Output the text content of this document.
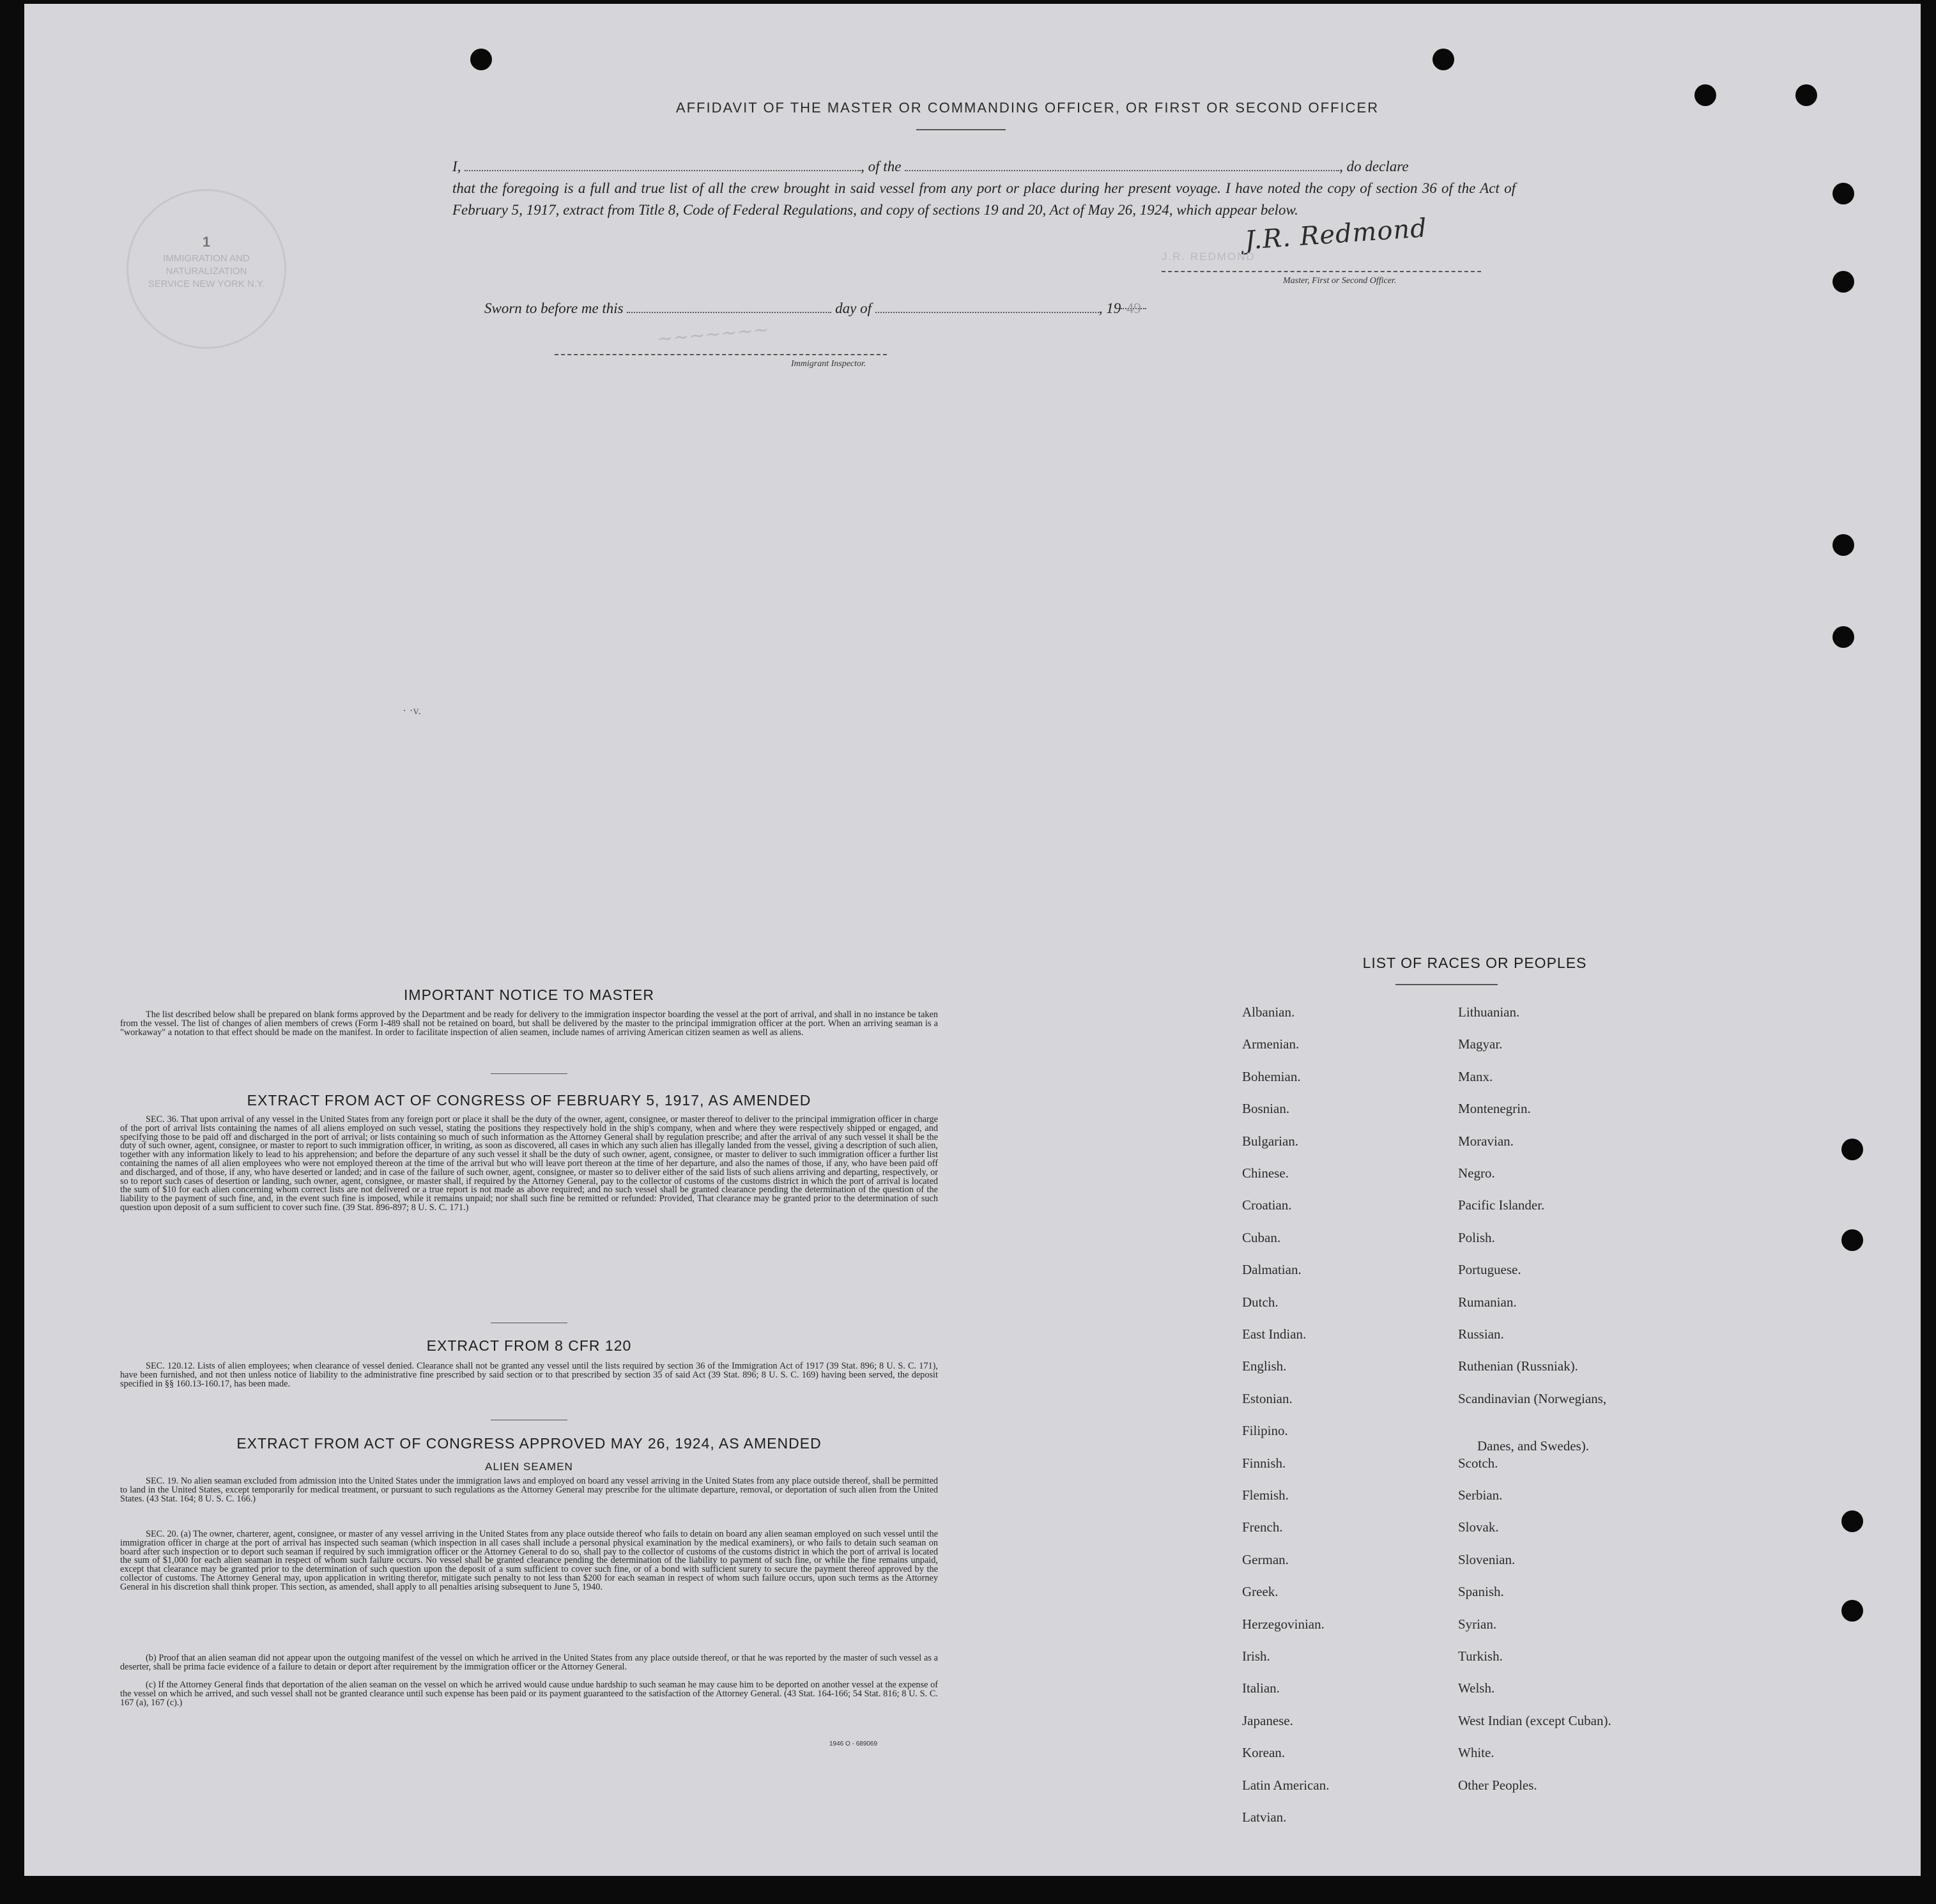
AFFIDAVIT OF THE MASTER OR COMMANDING OFFICER, OR FIRST OR SECOND OFFICER
I,	, of the	, do declare
that the foregoing is a full and true list of all the crew brought in said vessel from any port or place during her present voyage. I have noted the copy of section 36 of the Act of February 5, 1917, extract from Title 8, Code of Federal Regulations, and copy of sections 19 and 20, Act of May 26, 1924, which appear below.
J.R. Redmond
J.R. REDMOND
Master, First or Second Officer.
Sworn to before me this	day of	, 19 49
~~~~~~~
Immigrant Inspector.
1
IMMIGRATION AND NATURALIZATION SERVICE NEW YORK N.Y.
· ·v.
IMPORTANT NOTICE TO MASTER
The list described below shall be prepared on blank forms approved by the Department and be ready for delivery to the immigration inspector boarding the vessel at the port of arrival, and shall in no instance be taken from the vessel. The list of changes of alien members of crews (Form I-489 shall not be retained on board, but shall be delivered by the master to the principal immigration officer at the port. When an arriving seaman is a "workaway" a notation to that effect should be made on the manifest. In order to facilitate inspection of alien seamen, include names of arriving American citizen seamen as well as aliens.
EXTRACT FROM ACT OF CONGRESS OF FEBRUARY 5, 1917, AS AMENDED
SEC. 36. That upon arrival of any vessel in the United States from any foreign port or place it shall be the duty of the owner, agent, consignee, or master thereof to deliver to the principal immigration officer in charge of the port of arrival lists containing the names of all aliens employed on such vessel, stating the positions they respectively hold in the ship's company, when and where they were respectively shipped or engaged, and specifying those to be paid off and discharged in the port of arrival; or lists containing so much of such information as the Attorney General shall by regulation prescribe; and after the arrival of any such vessel it shall be the duty of such owner, agent, consignee, or master to report to such immigration officer, in writing, as soon as discovered, all cases in which any such alien has illegally landed from the vessel, giving a description of such alien, together with any information likely to lead to his apprehension; and before the departure of any such vessel it shall be the duty of such owner, agent, consignee, or master to deliver to such immigration officer a further list containing the names of all alien employees who were not employed thereon at the time of the arrival but who will leave port thereon at the time of her departure, and also the names of those, if any, who have been paid off and discharged, and of those, if any, who have deserted or landed; and in case of the failure of such owner, agent, consignee, or master so to deliver either of the said lists of such aliens arriving and departing, respectively, or so to report such cases of desertion or landing, such owner, agent, consignee, or master shall, if required by the Attorney General, pay to the collector of customs of the customs district in which the port of arrival is located the sum of $10 for each alien concerning whom correct lists are not delivered or a true report is not made as above required; and no such vessel shall be granted clearance pending the determination of the question of the liability to the payment of such fine, and, in the event such fine is imposed, while it remains unpaid; nor shall such fine be remitted or refunded: Provided, That clearance may be granted prior to the determination of such question upon deposit of a sum sufficient to cover such fine. (39 Stat. 896-897; 8 U. S. C. 171.)
EXTRACT FROM 8 CFR 120
SEC. 120.12. Lists of alien employees; when clearance of vessel denied. Clearance shall not be granted any vessel until the lists required by section 36 of the Immigration Act of 1917 (39 Stat. 896; 8 U. S. C. 171), have been furnished, and not then unless notice of liability to the administrative fine prescribed by said section or to that prescribed by section 35 of said Act (39 Stat. 896; 8 U. S. C. 169) having been served, the deposit specified in §§ 160.13-160.17, has been made.
EXTRACT FROM ACT OF CONGRESS APPROVED MAY 26, 1924, AS AMENDED
ALIEN SEAMEN
SEC. 19. No alien seaman excluded from admission into the United States under the immigration laws and employed on board any vessel arriving in the United States from any place outside thereof, shall be permitted to land in the United States, except temporarily for medical treatment, or pursuant to such regulations as the Attorney General may prescribe for the ultimate departure, removal, or deportation of such alien from the United States. (43 Stat. 164; 8 U. S. C. 166.)
SEC. 20. (a) The owner, charterer, agent, consignee, or master of any vessel arriving in the United States from any place outside thereof who fails to detain on board any alien seaman employed on such vessel until the immigration officer in charge at the port of arrival has inspected such seaman (which inspection in all cases shall include a personal physical examination by the medical examiners), or who fails to detain such seaman on board after such inspection or to deport such seaman if required by such immigration officer or the Attorney General to do so, shall pay to the collector of customs of the customs district in which the port of arrival is located the sum of $1,000 for each alien seaman in respect of whom such failure occurs. No vessel shall be granted clearance pending the determination of the liability to payment of such fine, or while the fine remains unpaid, except that clearance may be granted prior to the determination of such question upon the deposit of a sum sufficient to cover such fine, or of a bond with sufficient surety to secure the payment thereof approved by the collector of customs. The Attorney General may, upon application in writing therefor, mitigate such penalty to not less than $200 for each seaman in respect of whom such failure occurs, upon such terms as the Attorney General in his discretion shall think proper. This section, as amended, shall apply to all penalties arising subsequent to June 5, 1940.
(b) Proof that an alien seaman did not appear upon the outgoing manifest of the vessel on which he arrived in the United States from any place outside thereof, or that he was reported by the master of such vessel as a deserter, shall be prima facie evidence of a failure to detain or deport after requirement by the immigration officer or the Attorney General.
(c) If the Attorney General finds that deportation of the alien seaman on the vessel on which he arrived would cause undue hardship to such seaman he may cause him to be deported on another vessel at the expense of the vessel on which he arrived, and such vessel shall not be granted clearance until such expense has been paid or its payment guaranteed to the satisfaction of the Attorney General. (43 Stat. 164-166; 54 Stat. 816; 8 U. S. C. 167 (a), 167 (c).)
1946 O - 689069
LIST OF RACES OR PEOPLES
Albanian.
Armenian.
Bohemian.
Bosnian.
Bulgarian.
Chinese.
Croatian.
Cuban.
Dalmatian.
Dutch.
East Indian.
English.
Estonian.
Filipino.
Finnish.
Flemish.
French.
German.
Greek.
Herzegovinian.
Irish.
Italian.
Japanese.
Korean.
Latin American.
Latvian.
Lithuanian.
Magyar.
Manx.
Montenegrin.
Moravian.
Negro.
Pacific Islander.
Polish.
Portuguese.
Rumanian.
Russian.
Ruthenian (Russniak).
Scandinavian (Norwegians,
Danes, and Swedes).
Scotch.
Serbian.
Slovak.
Slovenian.
Spanish.
Syrian.
Turkish.
Welsh.
West Indian (except Cuban).
White.
Other Peoples.
